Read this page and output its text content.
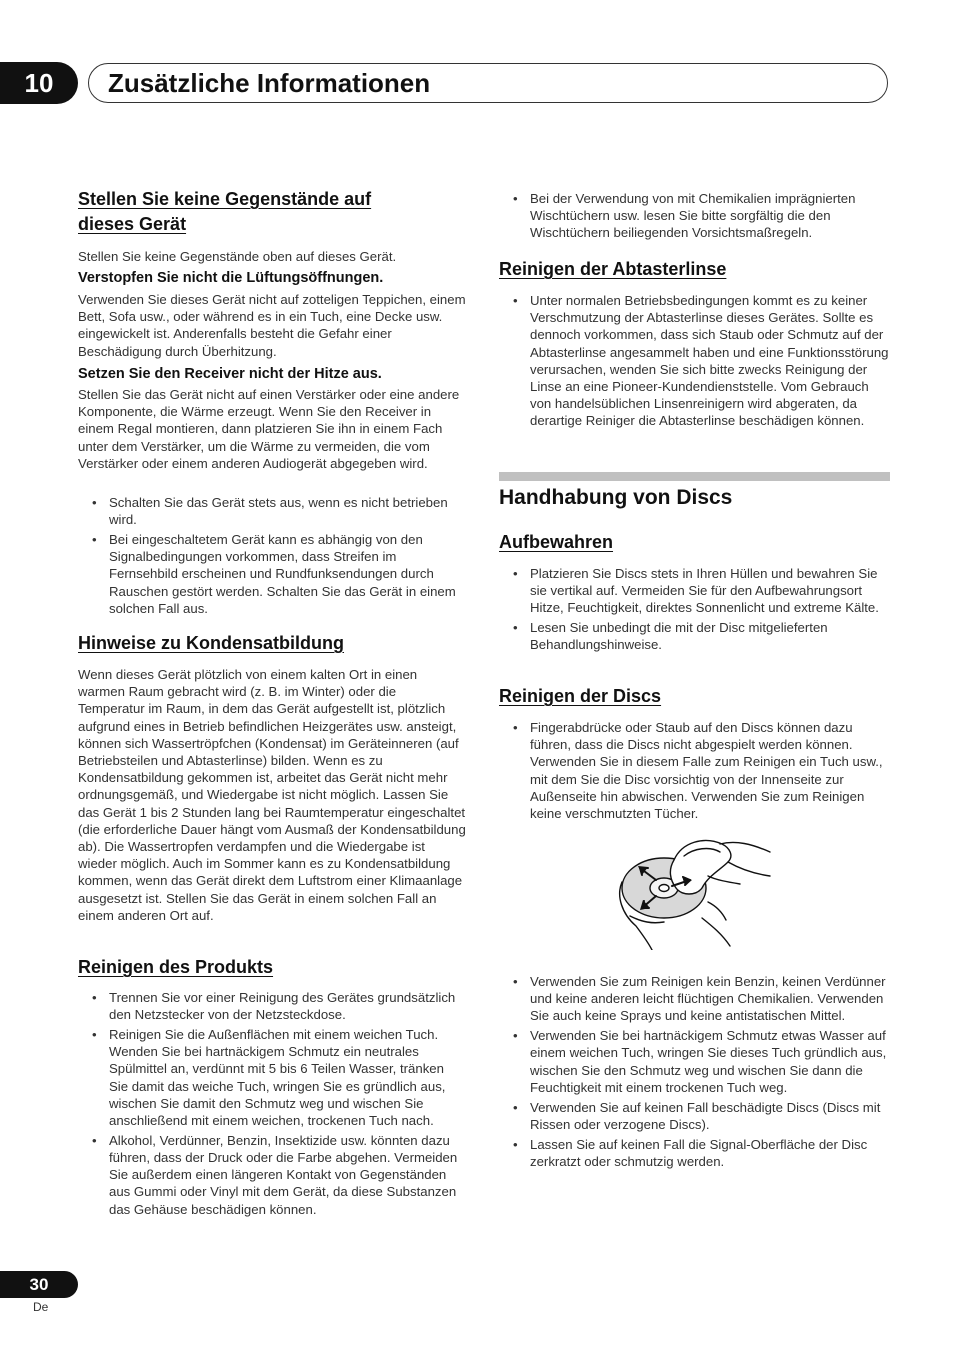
10	Zusätzliche Informationen
Stellen Sie keine Gegenstände auf
dieses Gerät
Stellen Sie keine Gegenstände oben auf dieses Gerät.
Verstopfen Sie nicht die Lüftungsöffnungen.
Verwenden Sie dieses Gerät nicht auf zotteligen Teppichen, einem Bett, Sofa usw., oder während es in ein Tuch, eine Decke usw. eingewickelt ist. Anderenfalls besteht die Gefahr einer Beschädigung durch Überhitzung.
Setzen Sie den Receiver nicht der Hitze aus.
Stellen Sie das Gerät nicht auf einen Verstärker oder eine andere Komponente, die Wärme erzeugt. Wenn Sie den Receiver in einem Regal montieren, dann platzieren Sie ihn in einem Fach unter dem Verstärker, um die Wärme zu vermeiden, die vom Verstärker oder einem anderen Audiogerät abgegeben wird.
• Schalten Sie das Gerät stets aus, wenn es nicht betrieben wird.
• Bei eingeschaltetem Gerät kann es abhängig von den Signalbedingungen vorkommen, dass Streifen im Fernsehbild erscheinen und Rundfunksendungen durch Rauschen gestört werden. Schalten Sie das Gerät in einem solchen Fall aus.
Hinweise zu Kondensatbildung
Wenn dieses Gerät plötzlich von einem kalten Ort in einen warmen Raum gebracht wird (z. B. im Winter) oder die Temperatur im Raum, in dem das Gerät aufgestellt ist, plötzlich aufgrund eines in Betrieb befindlichen Heizgerätes usw. ansteigt, können sich Wassertröpfchen (Kondensat) im Geräteinneren (auf Betriebsteilen und Abtasterlinse) bilden. Wenn es zu Kondensatbildung gekommen ist, arbeitet das Gerät nicht mehr ordnungsgemäß, und Wiedergabe ist nicht möglich. Lassen Sie das Gerät 1 bis 2 Stunden lang bei Raumtemperatur eingeschaltet (die erforderliche Dauer hängt vom Ausmaß der Kondensatbildung ab). Die Wassertropfen verdampfen und die Wiedergabe ist wieder möglich. Auch im Sommer kann es zu Kondensatbildung kommen, wenn das Gerät direkt dem Luftstrom einer Klimaanlage ausgesetzt ist. Stellen Sie das Gerät in einem solchen Fall an einem anderen Ort auf.
Reinigen des Produkts
• Trennen Sie vor einer Reinigung des Gerätes grundsätzlich den Netzstecker von der Netzsteckdose.
• Reinigen Sie die Außenflächen mit einem weichen Tuch. Wenden Sie bei hartnäckigem Schmutz ein neutrales Spülmittel an, verdünnt mit 5 bis 6 Teilen Wasser, tränken Sie damit das weiche Tuch, wringen Sie es gründlich aus, wischen Sie damit den Schmutz weg und wischen Sie anschließend mit einem weichen, trockenen Tuch nach.
• Alkohol, Verdünner, Benzin, Insektizide usw. könnten dazu führen, dass der Druck oder die Farbe abgehen. Vermeiden Sie außerdem einen längeren Kontakt von Gegenständen aus Gummi oder Vinyl mit dem Gerät, da diese Substanzen das Gehäuse beschädigen können.
• Bei der Verwendung von mit Chemikalien imprägnierten Wischtüchern usw. lesen Sie bitte sorgfältig die den Wischtüchern beiliegenden Vorsichtsmaßregeln.
Reinigen der Abtasterlinse
• Unter normalen Betriebsbedingungen kommt es zu keiner Verschmutzung der Abtasterlinse dieses Gerätes. Sollte es dennoch vorkommen, dass sich Staub oder Schmutz auf der Abtasterlinse angesammelt haben und eine Funktionsstörung verursachen, wenden Sie sich bitte zwecks Reinigung der Linse an eine Pioneer-Kundendienststelle. Vom Gebrauch von handelsüblichen Linsenreinigern wird abgeraten, da derartige Reiniger die Abtasterlinse beschädigen können.
Aufbewahren
• Platzieren Sie Discs stets in Ihren Hüllen und bewahren Sie sie vertikal auf. Vermeiden Sie für den Aufbewahrungsort Hitze, Feuchtigkeit, direktes Sonnenlicht und extreme Kälte.
• Lesen Sie unbedingt die mit der Disc mitgelieferten Behandlungshinweise.
Reinigen der Discs
• Fingerabdrücke oder Staub auf den Discs können dazu führen, dass die Discs nicht abgespielt werden können. Verwenden Sie in diesem Falle zum Reinigen ein Tuch usw., mit dem Sie die Disc vorsichtig von der Innenseite zur Außenseite hin abwischen. Verwenden Sie zum Reinigen keine verschmutzten Tücher.
• Verwenden Sie zum Reinigen kein Benzin, keinen Verdünner und keine anderen leicht flüchtigen Chemikalien. Verwenden Sie auch keine Sprays und keine antistatischen Mittel.
• Verwenden Sie bei hartnäckigem Schmutz etwas Wasser auf einem weichen Tuch, wringen Sie dieses Tuch gründlich aus, wischen Sie den Schmutz weg und wischen Sie dann die Feuchtigkeit mit einem trockenen Tuch weg.
• Verwenden Sie auf keinen Fall beschädigte Discs (Discs mit Rissen oder verzogene Discs).
• Lassen Sie auf keinen Fall die Signal-Oberfläche der Disc zerkratzt oder schmutzig werden.
Handhabung von Discs
30
De
